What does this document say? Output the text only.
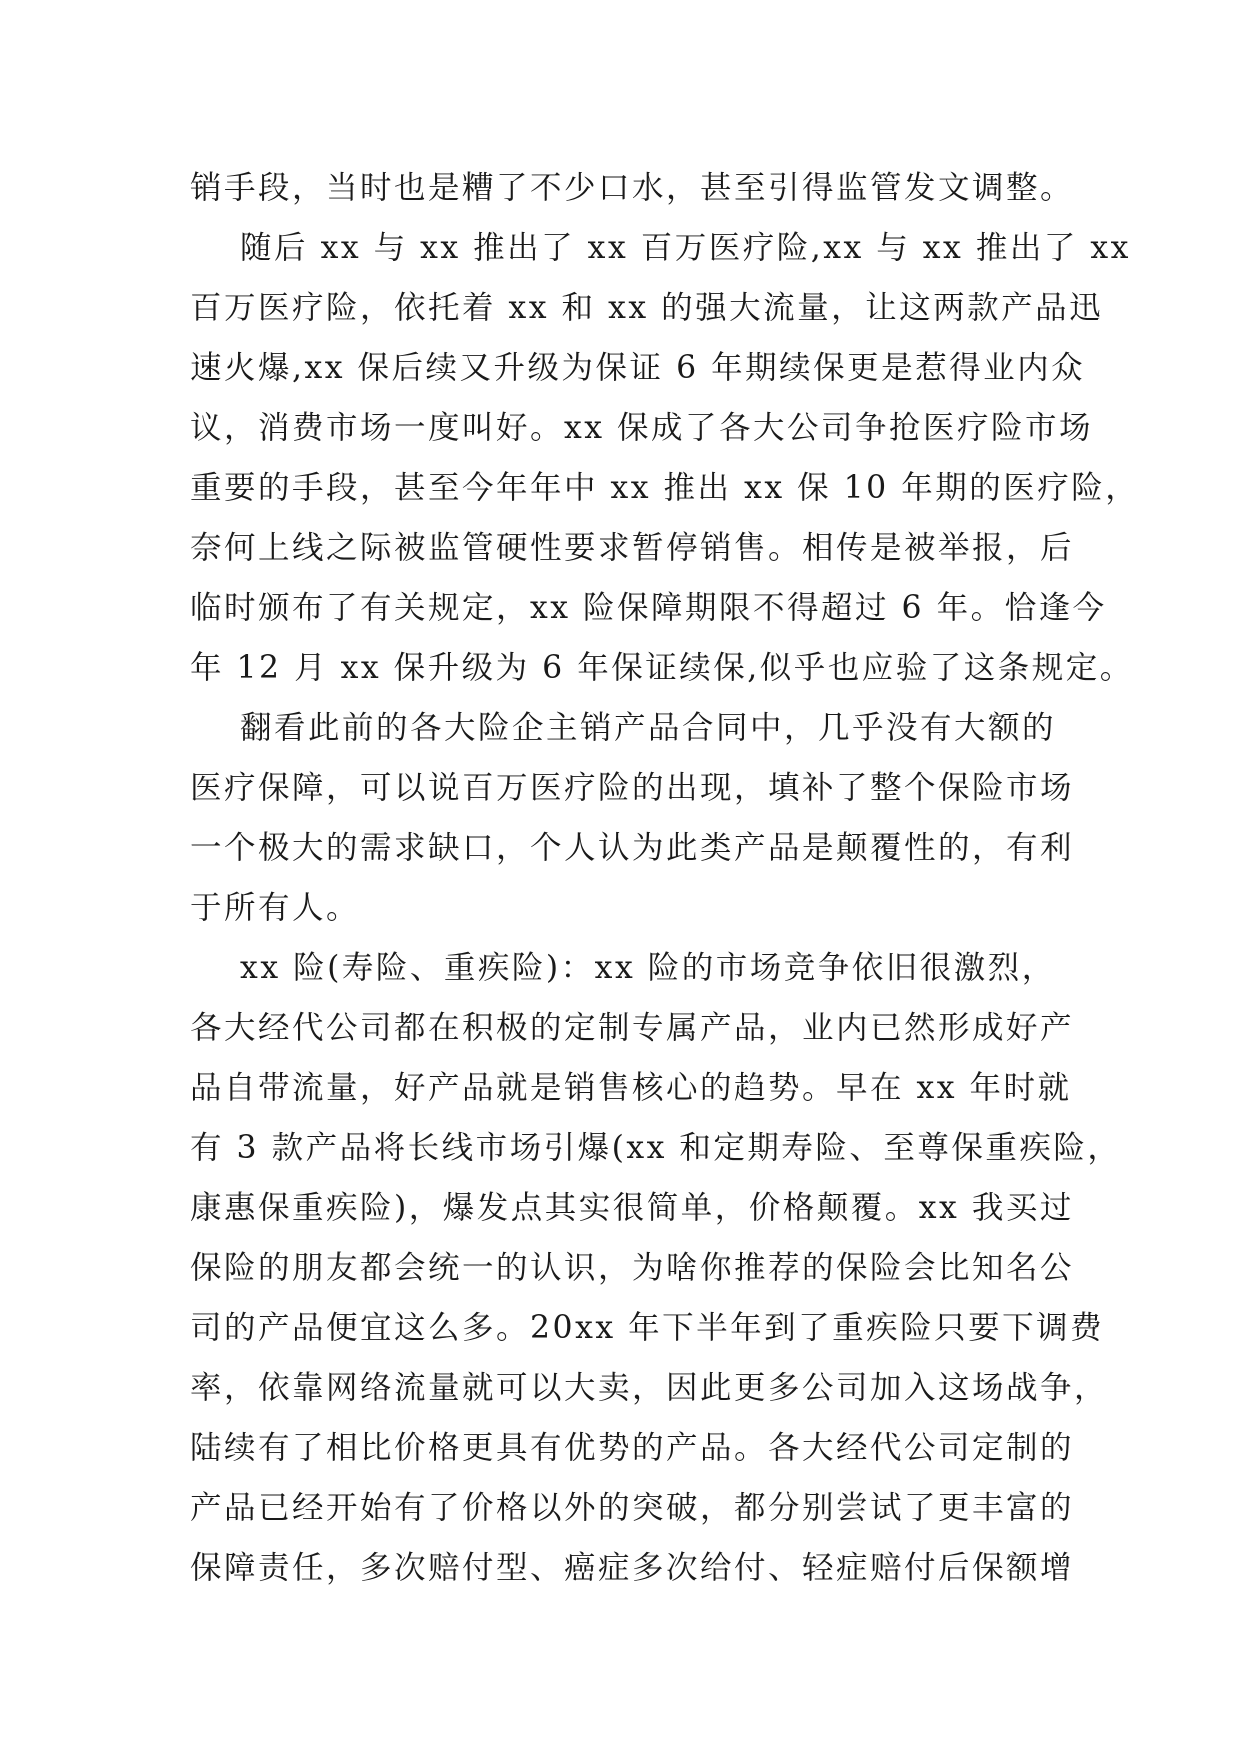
销手段，当时也是糟了不少口水，甚至引得监管发文调整。
随后 xx 与 xx 推出了 xx 百万医疗险,xx 与 xx 推出了 xx
百万医疗险，依托着 xx 和 xx 的强大流量，让这两款产品迅
速火爆,xx 保后续又升级为保证 6 年期续保更是惹得业内众
议，消费市场一度叫好。xx 保成了各大公司争抢医疗险市场
重要的手段，甚至今年年中 xx 推出 xx 保 10 年期的医疗险，
奈何上线之际被监管硬性要求暂停销售。相传是被举报，后
临时颁布了有关规定，xx 险保障期限不得超过 6 年。恰逢今
年 12 月 xx 保升级为 6 年保证续保,似乎也应验了这条规定。
翻看此前的各大险企主销产品合同中，几乎没有大额的
医疗保障，可以说百万医疗险的出现，填补了整个保险市场
一个极大的需求缺口，个人认为此类产品是颠覆性的，有利
于所有人。
xx 险(寿险、重疾险)：xx 险的市场竞争依旧很激烈，
各大经代公司都在积极的定制专属产品，业内已然形成好产
品自带流量，好产品就是销售核心的趋势。早在 xx 年时就
有 3 款产品将长线市场引爆(xx 和定期寿险、至尊保重疾险，
康惠保重疾险)，爆发点其实很简单，价格颠覆。xx 我买过
保险的朋友都会统一的认识，为啥你推荐的保险会比知名公
司的产品便宜这么多。20xx 年下半年到了重疾险只要下调费
率，依靠网络流量就可以大卖，因此更多公司加入这场战争，
陆续有了相比价格更具有优势的产品。各大经代公司定制的
产品已经开始有了价格以外的突破，都分别尝试了更丰富的
保障责任，多次赔付型、癌症多次给付、轻症赔付后保额增
